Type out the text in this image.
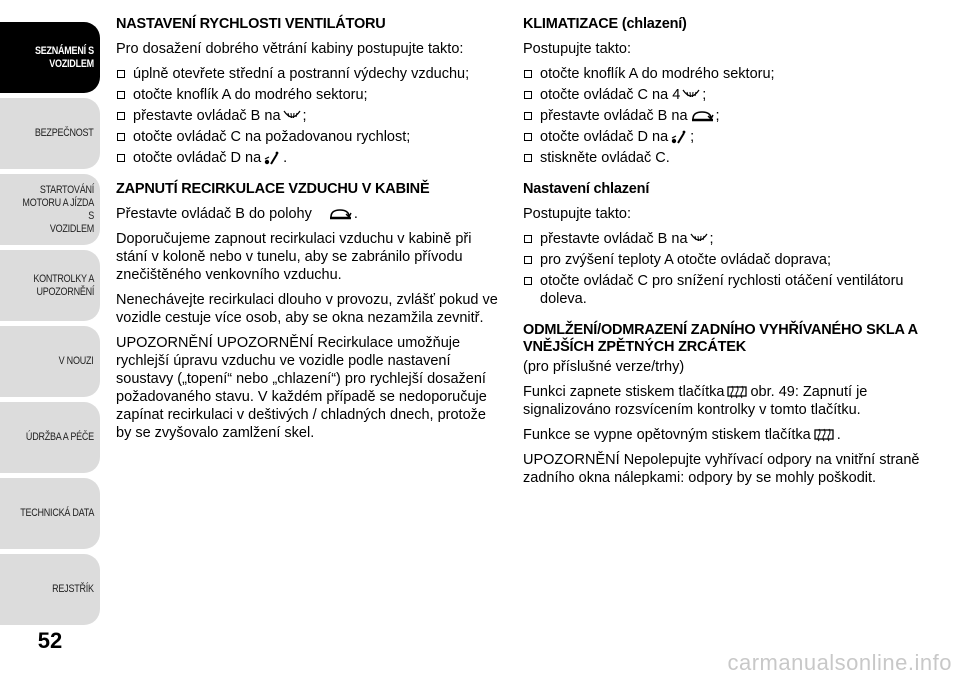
SEZNÁMENÍ S
VOZIDLEM
BEZPEČNOST
STARTOVÁNÍ
MOTORU A JÍZDA S
VOZIDLEM
KONTROLKY A
UPOZORNĚNÍ
V NOUZI
ÚDRŽBA A PÉČE
TECHNICKÁ DATA
REJSTŘÍK
52
carmanualsonline.info
NASTAVENÍ RYCHLOSTI VENTILÁTORU
Pro dosažení dobrého větrání kabiny postupujte takto:
úplně otevřete střední a postranní výdechy vzduchu;
otočte knoflík A do modrého sektoru;
přestavte ovládač B na ;
otočte ovládač C na požadovanou rychlost;
otočte ovládač D na .
ZAPNUTÍ RECIRKULACE VZDUCHU V KABINĚ
Přestavte ovládač B do polohy	.
Doporučujeme zapnout recirkulaci vzduchu v kabině při stání v koloně nebo v tunelu, aby se zabránilo přívodu znečištěného venkovního vzduchu.
Nenechávejte recirkulaci dlouho v provozu, zvlášť pokud ve vozidle cestuje více osob, aby se okna nezamžila zevnitř.
UPOZORNĚNÍ UPOZORNĚNÍ Recirkulace umožňuje rychlejší úpravu vzduchu ve vozidle podle nastavení soustavy („topení“ nebo „chlazení“) pro rychlejší dosažení požadovaného stavu. V každém případě se nedoporučuje zapínat recirkulaci v deštivých / chladných dnech, protože by se zvyšovalo zamlžení skel.
KLIMATIZACE (chlazení)
Postupujte takto:
otočte knoflík A do modrého sektoru;
otočte ovládač C na 4 ;
přestavte ovládač B na ;
otočte ovládač D na ;
stiskněte ovládač C.
Nastavení chlazení
Postupujte takto:
přestavte ovládač B na ;
pro zvýšení teploty A otočte ovládač doprava;
otočte ovládač C pro snížení rychlosti otáčení ventilátoru doleva.
ODMLŽENÍ/ODMRAZENÍ ZADNÍHO VYHŘÍVANÉHO SKLA A VNĚJŠÍCH ZPĚTNÝCH ZRCÁTEK
(pro příslušné verze/trhy)
Funkci zapnete stiskem tlačítka obr. 49: Zapnutí je signalizováno rozsvícením kontrolky v tomto tlačítku.
Funkce se vypne opětovným stiskem tlačítka .
UPOZORNĚNÍ Nepolepujte vyhřívací odpory na vnitřní straně zadního okna nálepkami: odpory by se mohly poškodit.
